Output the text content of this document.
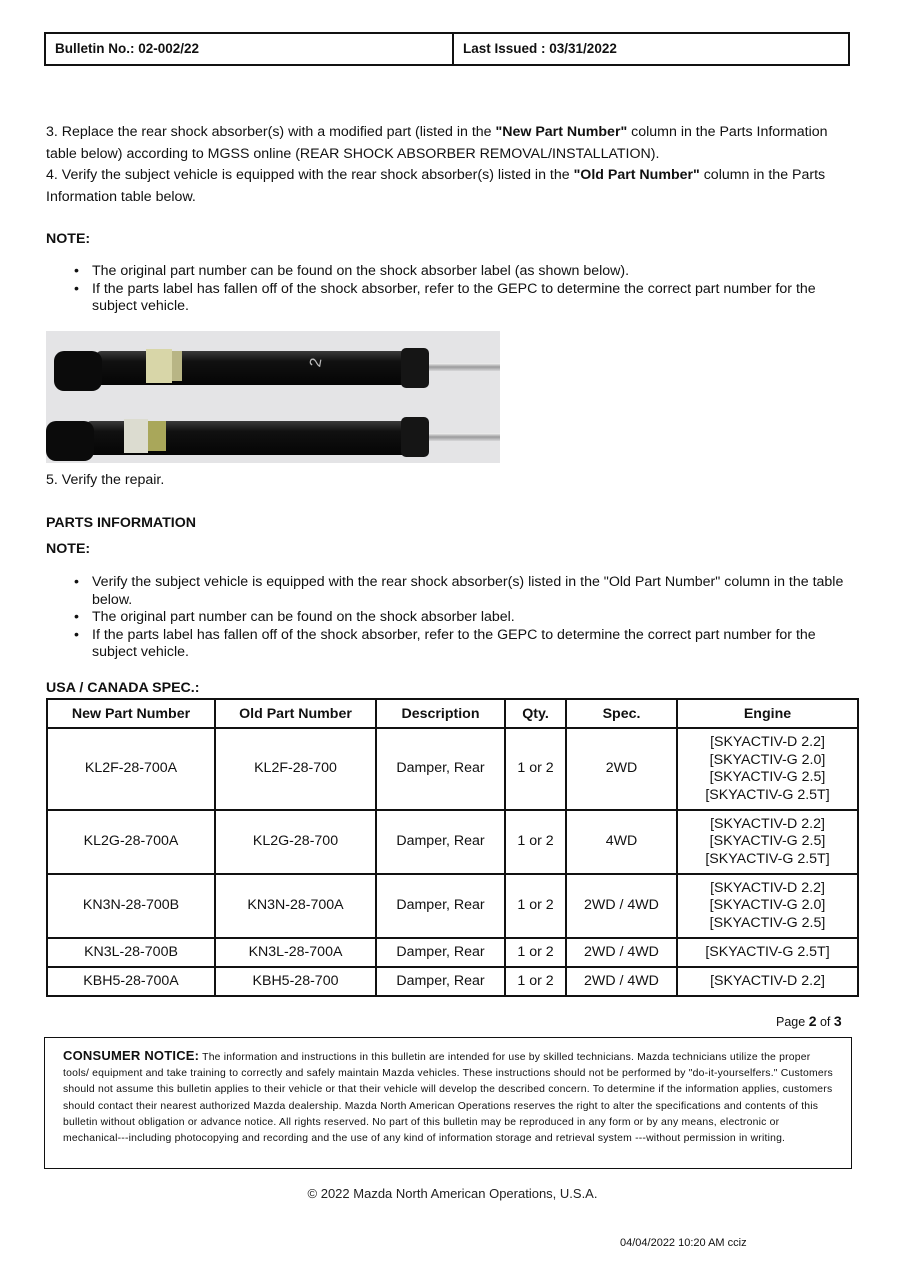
Bulletin No.: 02-002/22	Last Issued : 03/31/2022
3. Replace the rear shock absorber(s) with a modified part (listed in the "New Part Number" column in the Parts Information table below) according to MGSS online (REAR SHOCK ABSORBER REMOVAL/INSTALLATION).
4. Verify the subject vehicle is equipped with the rear shock absorber(s) listed in the "Old Part Number" column in the Parts Information table below.
NOTE:
• The original part number can be found on the shock absorber label (as shown below).
• If the parts label has fallen off of the shock absorber, refer to the GEPC to determine the correct part number for the subject vehicle.
2
5. Verify the repair.
PARTS INFORMATION
NOTE:
• Verify the subject vehicle is equipped with the rear shock absorber(s) listed in the "Old Part Number" column in the table below.
• The original part number can be found on the shock absorber label.
• If the parts label has fallen off of the shock absorber, refer to the GEPC to determine the correct part number for the subject vehicle.
USA / CANADA SPEC.:
New Part Number	Old Part Number	Description	Qty.	Spec.	Engine
KL2F-28-700A	KL2F-28-700	Damper, Rear	1 or 2	2WD	[SKYACTIV-D 2.2]
[SKYACTIV-G 2.0]
[SKYACTIV-G 2.5]
[SKYACTIV-G 2.5T]

KL2G-28-700A	KL2G-28-700	Damper, Rear	1 or 2	4WD	[SKYACTIV-D 2.2]
[SKYACTIV-G 2.5]
[SKYACTIV-G 2.5T]

KN3N-28-700B	KN3N-28-700A	Damper, Rear	1 or 2	2WD / 4WD	[SKYACTIV-D 2.2]
[SKYACTIV-G 2.0]
[SKYACTIV-G 2.5]

KN3L-28-700B	KN3L-28-700A	Damper, Rear	1 or 2	2WD / 4WD	[SKYACTIV-G 2.5T]

KBH5-28-700A	KBH5-28-700	Damper, Rear	1 or 2	2WD / 4WD	[SKYACTIV-D 2.2]
Page 2 of 3
CONSUMER NOTICE: The information and instructions in this bulletin are intended for use by skilled technicians. Mazda technicians utilize the proper tools/ equipment and take training to correctly and safely maintain Mazda vehicles. These instructions should not be performed by "do-it-yourselfers." Customers should not assume this bulletin applies to their vehicle or that their vehicle will develop the described concern. To determine if the information applies, customers should contact their nearest authorized Mazda dealership. Mazda North American Operations reserves the right to alter the specifications and contents of this bulletin without obligation or advance notice. All rights reserved. No part of this bulletin may be reproduced in any form or by any means, electronic or mechanical---including photocopying and recording and the use of any kind of information storage and retrieval system ---without permission in writing.
© 2022 Mazda North American Operations, U.S.A.
04/04/2022 10:20 AM cciz
